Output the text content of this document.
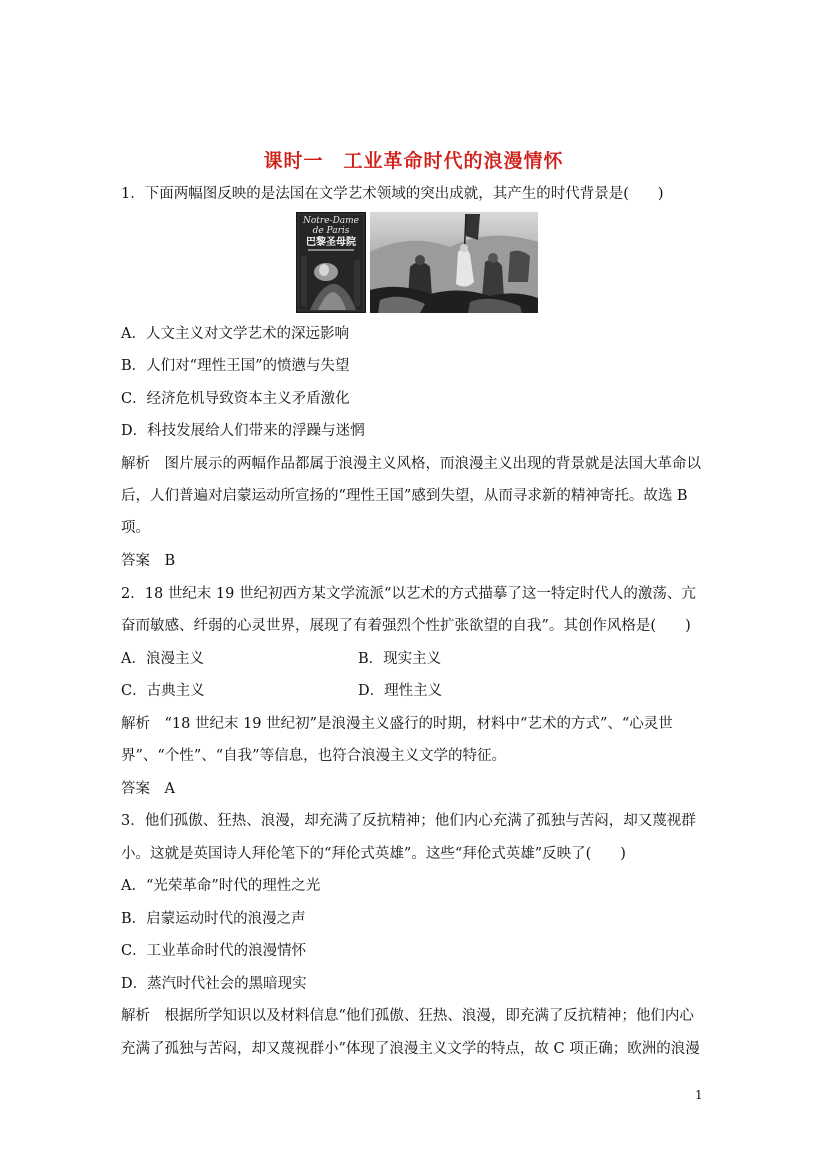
课时一　工业革命时代的浪漫情怀
1．下面两幅图反映的是法国在文学艺术领域的突出成就，其产生的时代背景是(　　)
Notre-Dame
de Paris
巴黎圣母院
A．人文主义对文学艺术的深远影响
B．人们对“理性王国”的愤懑与失望
C．经济危机导致资本主义矛盾激化
D．科技发展给人们带来的浮躁与迷惘
解析　图片展示的两幅作品都属于浪漫主义风格，而浪漫主义出现的背景就是法国大革命以
后，人们普遍对启蒙运动所宣扬的“理性王国”感到失望，从而寻求新的精神寄托。故选 B
项。
答案　B
2．18 世纪末 19 世纪初西方某文学流派“以艺术的方式描摹了这一特定时代人的激荡、亢
奋而敏感、纤弱的心灵世界，展现了有着强烈个性扩张欲望的自我”。其创作风格是(　　)
A．浪漫主义	B．现实主义
C．古典主义	D．理性主义
解析　“18 世纪末 19 世纪初”是浪漫主义盛行的时期，材料中“艺术的方式”、“心灵世
界”、“个性”、“自我”等信息，也符合浪漫主义文学的特征。
答案　A
3．他们孤傲、狂热、浪漫，却充满了反抗精神；他们内心充满了孤独与苦闷，却又蔑视群
小。这就是英国诗人拜伦笔下的“拜伦式英雄”。这些“拜伦式英雄”反映了(　　)
A．“光荣革命”时代的理性之光
B．启蒙运动时代的浪漫之声
C．工业革命时代的浪漫情怀
D．蒸汽时代社会的黑暗现实
解析　根据所学知识以及材料信息“他们孤傲、狂热、浪漫，即充满了反抗精神；他们内心
充满了孤独与苦闷，却又蔑视群小”体现了浪漫主义文学的特点，故 C 项正确；欧洲的浪漫
1
